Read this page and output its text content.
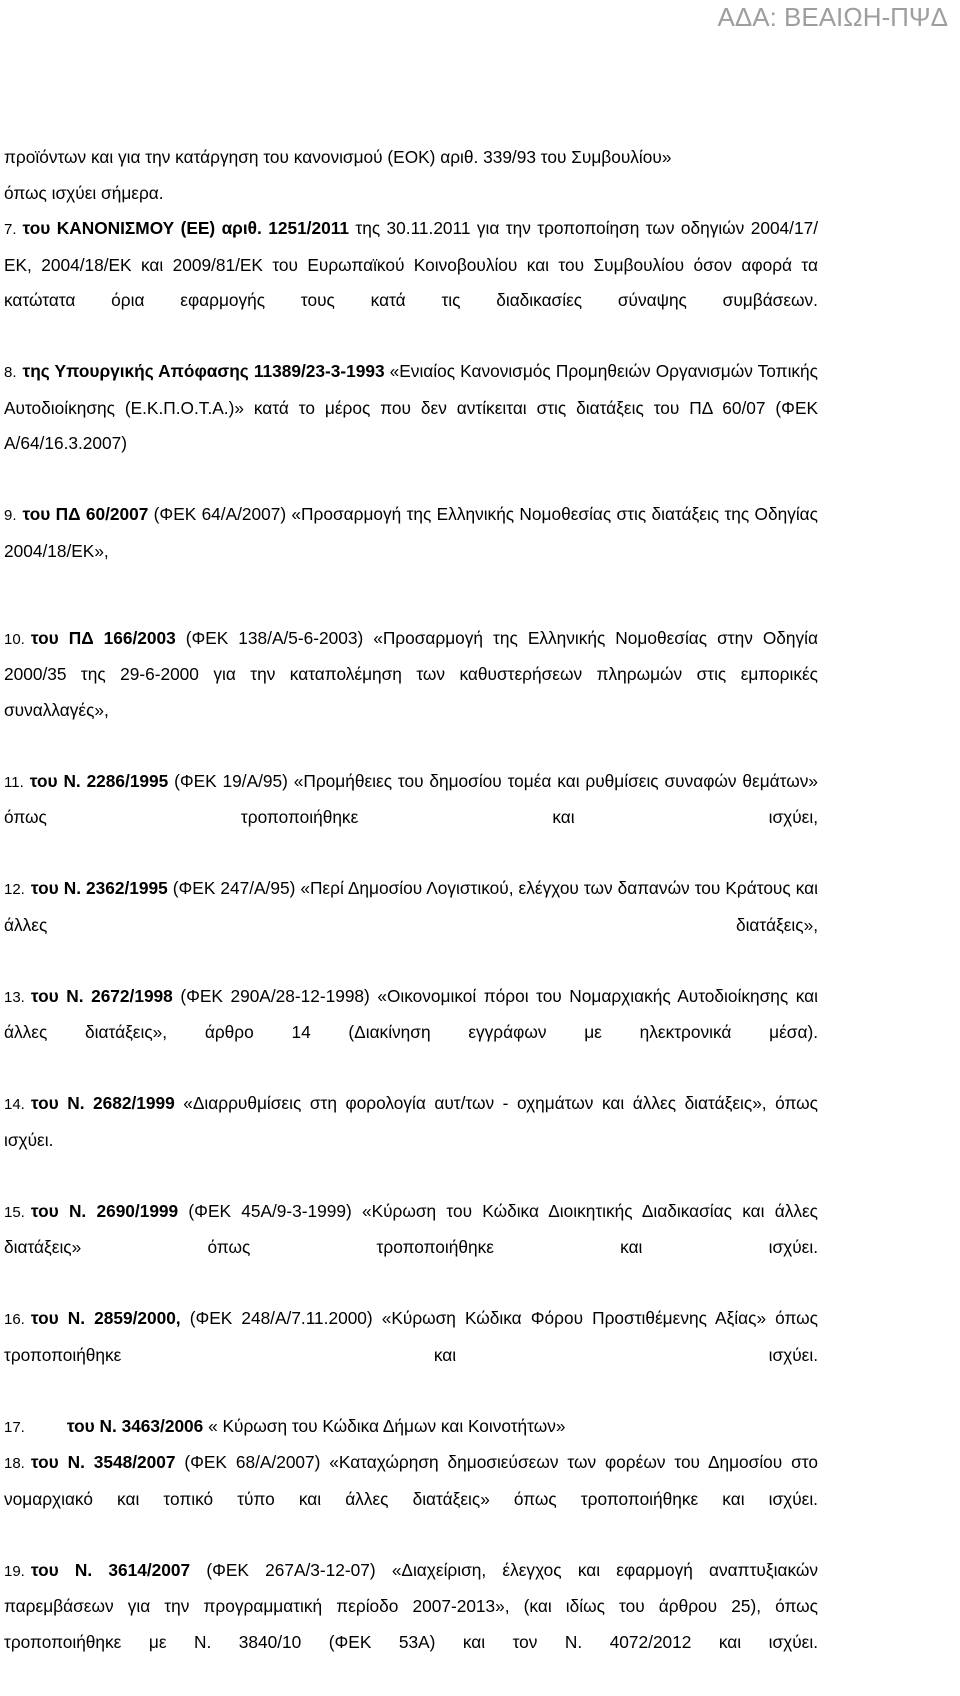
ΑΔΑ: ΒΕΑΙΩΗ-ΠΨΔ
προϊόντων και για την κατάργηση του κανονισμού (ΕΟΚ) αριθ. 339/93 του Συμβουλίου»
όπως ισχύει σήμερα.
7. του ΚΑΝΟΝΙΣΜΟΥ (ΕΕ) αριθ. 1251/2011 της 30.11.2011 για την τροποποίηση των οδηγιών 2004/17/ΕΚ, 2004/18/ΕΚ και 2009/81/ΕΚ του Ευρωπαϊκού Κοινοβουλίου και του Συμβουλίου όσον αφορά τα κατώτατα όρια εφαρμογής τους κατά τις διαδικασίες σύναψης συμβάσεων.
8. της Υπουργικής Απόφασης 11389/23-3-1993 «Ενιαίος Κανονισμός Προμηθειών Οργανισμών Τοπικής Αυτοδιοίκησης (Ε.Κ.Π.Ο.Τ.Α.)» κατά το μέρος που δεν αντίκειται στις διατάξεις του ΠΔ 60/07 (ΦΕΚ Α/64/16.3.2007)
9. του ΠΔ 60/2007 (ΦΕΚ 64/Α/2007) «Προσαρμογή της Ελληνικής Νομοθεσίας στις διατάξεις της Οδηγίας 2004/18/ΕΚ»,
10. του ΠΔ 166/2003 (ΦΕΚ 138/Α/5-6-2003) «Προσαρμογή της Ελληνικής Νομοθεσίας στην Οδηγία 2000/35 της 29-6-2000 για την καταπολέμηση των καθυστερήσεων πληρωμών στις εμπορικές συναλλαγές»,
11. του Ν. 2286/1995 (ΦΕΚ 19/Α/95) «Προμήθειες του δημοσίου τομέα και ρυθμίσεις συναφών θεμάτων» όπως τροποποιήθηκε και ισχύει,
12. του Ν. 2362/1995 (ΦΕΚ 247/Α/95) «Περί Δημοσίου Λογιστικού, ελέγχου των δαπανών του Κράτους και άλλες διατάξεις»,
13. του Ν. 2672/1998 (ΦΕΚ 290Α/28-12-1998) «Οικονομικοί πόροι του Νομαρχιακής Αυτοδιοίκησης και άλλες διατάξεις», άρθρο 14 (Διακίνηση εγγράφων με ηλεκτρονικά μέσα).
14. του Ν. 2682/1999 «Διαρρυθμίσεις στη φορολογία αυτ/των - οχημάτων και άλλες διατάξεις», όπως ισχύει.
15. του Ν. 2690/1999 (ΦΕΚ 45Α/9-3-1999) «Κύρωση του Κώδικα Διοικητικής Διαδικασίας και άλλες διατάξεις» όπως τροποποιήθηκε και ισχύει.
16. του Ν. 2859/2000, (ΦΕΚ 248/Α/7.11.2000) «Κύρωση Κώδικα Φόρου Προστιθέμενης Αξίας» όπως τροποποιήθηκε και ισχύει.
17. του Ν. 3463/2006 « Κύρωση του Κώδικα Δήμων και Κοινοτήτων»
18. του Ν. 3548/2007 (ΦΕΚ 68/Α/2007) «Καταχώρηση δημοσιεύσεων των φορέων του Δημοσίου στο νομαρχιακό και τοπικό τύπο και άλλες διατάξεις» όπως τροποποιήθηκε και ισχύει.
19. του Ν. 3614/2007 (ΦΕΚ 267Α/3-12-07) «Διαχείριση, έλεγχος και εφαρμογή αναπτυξιακών παρεμβάσεων για την προγραμματική περίοδο 2007-2013», (και ιδίως του άρθρου 25), όπως τροποποιήθηκε με Ν. 3840/10 (ΦΕΚ 53Α) και τον Ν. 4072/2012 και ισχύει.
